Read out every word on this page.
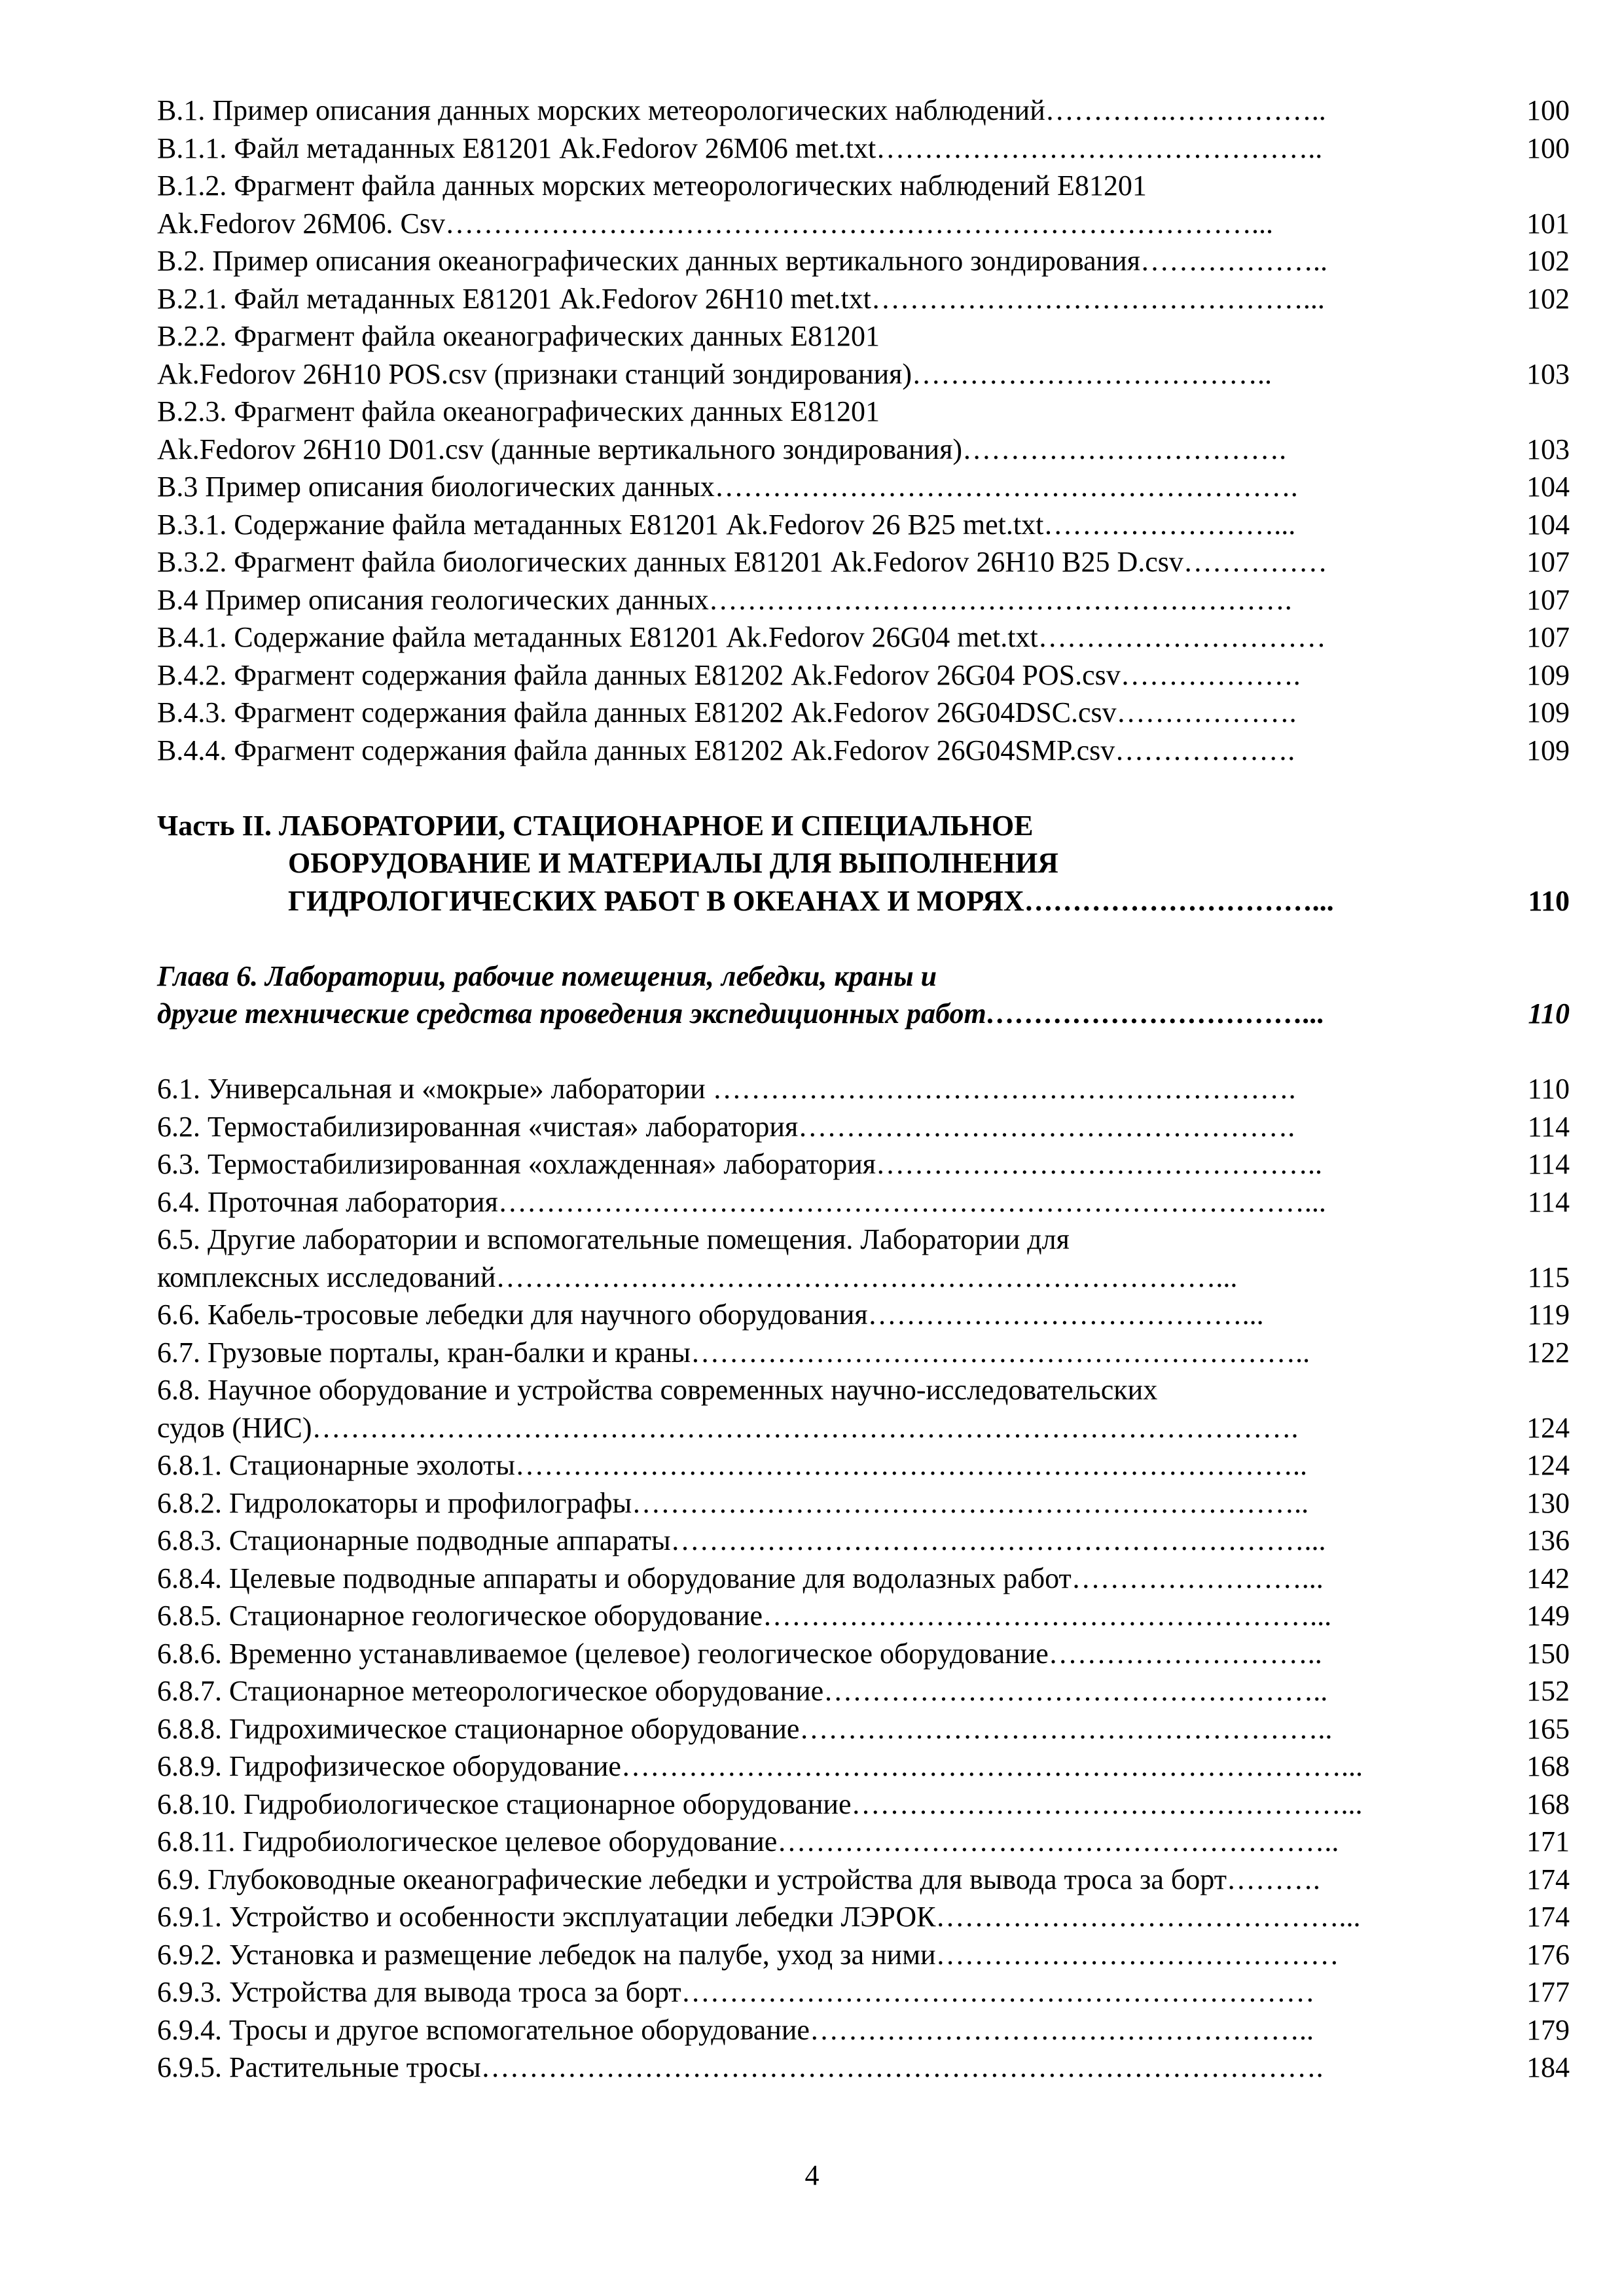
В.1. Пример описания данных морских метеорологических наблюдений………….……………..	100
В.1.1. Файл метаданных Е81201 Ak.Fedorov 26M06 met.txt………………………………………..	100
В.1.2. Фрагмент файла данных морских метеорологических наблюдений Е81201
Ak.Fedorov 26M06. Csv…………………………………………………………………………...	101
В.2. Пример описания океанографических данных вертикального зондирования………………..	102
В.2.1. Файл метаданных Е81201 Ak.Fedorov 26H10 met.txt………………………………………...	102
В.2.2. Фрагмент файла океанографических данных Е81201
Ak.Fedorov 26H10 POS.csv (признаки станций зондирования)………………………………..	103
В.2.3. Фрагмент файла океанографических данных Е81201
Ak.Fedorov 26H10 D01.csv (данные вертикального зондирования)…………………………….	103
В.3 Пример описания биологических данных…………………………………………………….	104
В.3.1. Содержание файла метаданных Е81201 Ak.Fedorov 26 B25 met.txt……………………...	104
В.3.2. Фрагмент файла биологических данных Е81201 Ak.Fedorov 26H10 B25 D.csv……………	107
В.4 Пример описания геологических данных…………………………………………………….	107
В.4.1. Содержание файла метаданных Е81201 Ak.Fedorov 26G04 met.txt…………………………	107
В.4.2. Фрагмент содержания файла данных Е81202 Ak.Fedorov 26G04 POS.csv……………….	109
В.4.3. Фрагмент содержания файла данных Е81202 Ak.Fedorov 26G04DSC.csv……………….	109
В.4.4. Фрагмент содержания файла данных Е81202 Ak.Fedorov 26G04SMP.csv……………….	109
Часть II. ЛАБОРАТОРИИ, СТАЦИОНАРНОЕ И СПЕЦИАЛЬНОЕ
ОБОРУДОВАНИЕ И МАТЕРИАЛЫ ДЛЯ ВЫПОЛНЕНИЯ
ГИДРОЛОГИЧЕСКИХ РАБОТ В ОКЕАНАХ И МОРЯХ…………………………...	110
Глава 6. Лаборатории, рабочие помещения, лебедки, краны и
другие технические средства проведения экспедиционных работ……………………………...	110
6.1. Универсальная и «мокрые» лаборатории …………………………………………………….	110
6.2. Термостабилизированная «чистая» лаборатория…………………………………………….	114
6.3. Термостабилизированная «охлажденная» лаборатория………………………………………..	114
6.4. Проточная лаборатория…………………………………………………………………………...	114
6.5. Другие лаборатории и вспомогательные помещения. Лаборатории для
комплексных исследований…………………………………………………………………...	115
6.6. Кабель-тросовые лебедки для научного оборудования…………………………………...	119
6.7. Грузовые порталы, кран-балки и краны………………………………………………………..	122
6.8. Научное оборудование и устройства современных научно-исследовательских
судов (НИС)………………………………………………………………………………………….	124
6.8.1. Стационарные эхолоты………………………………………………………………………..	124
6.8.2. Гидролокаторы и профилографы……………………………………………………………..	130
6.8.3. Стационарные подводные аппараты…………………………………………………………...	136
6.8.4. Целевые подводные аппараты и оборудование для водолазных работ……………………...	142
6.8.5. Стационарное геологическое оборудование…………………………………………………...	149
6.8.6. Временно устанавливаемое (целевое) геологическое оборудование………………………..	150
6.8.7. Стационарное метеорологическое оборудование……………………………………………..	152
6.8.8. Гидрохимическое стационарное оборудование………………………………………………..	165
6.8.9. Гидрофизическое оборудование…………………………………………………………………...	168
6.8.10. Гидробиологическое стационарное оборудование……………………………………………...	168
6.8.11. Гидробиологическое целевое оборудование…………………………………………………..	171
6.9. Глубоководные океанографические лебедки и устройства для вывода троса за борт……….	174
6.9.1. Устройство и особенности эксплуатации лебедки ЛЭРОК……………………………………...	174
6.9.2. Установка и размещение лебедок на палубе, уход за ними……………………………………	176
6.9.3. Устройства для вывода троса за борт…………………………………………………………	177
6.9.4. Тросы и другое вспомогательное оборудование……………………………………………..	179
6.9.5. Растительные тросы…………………………………………………………………………….	184
4
